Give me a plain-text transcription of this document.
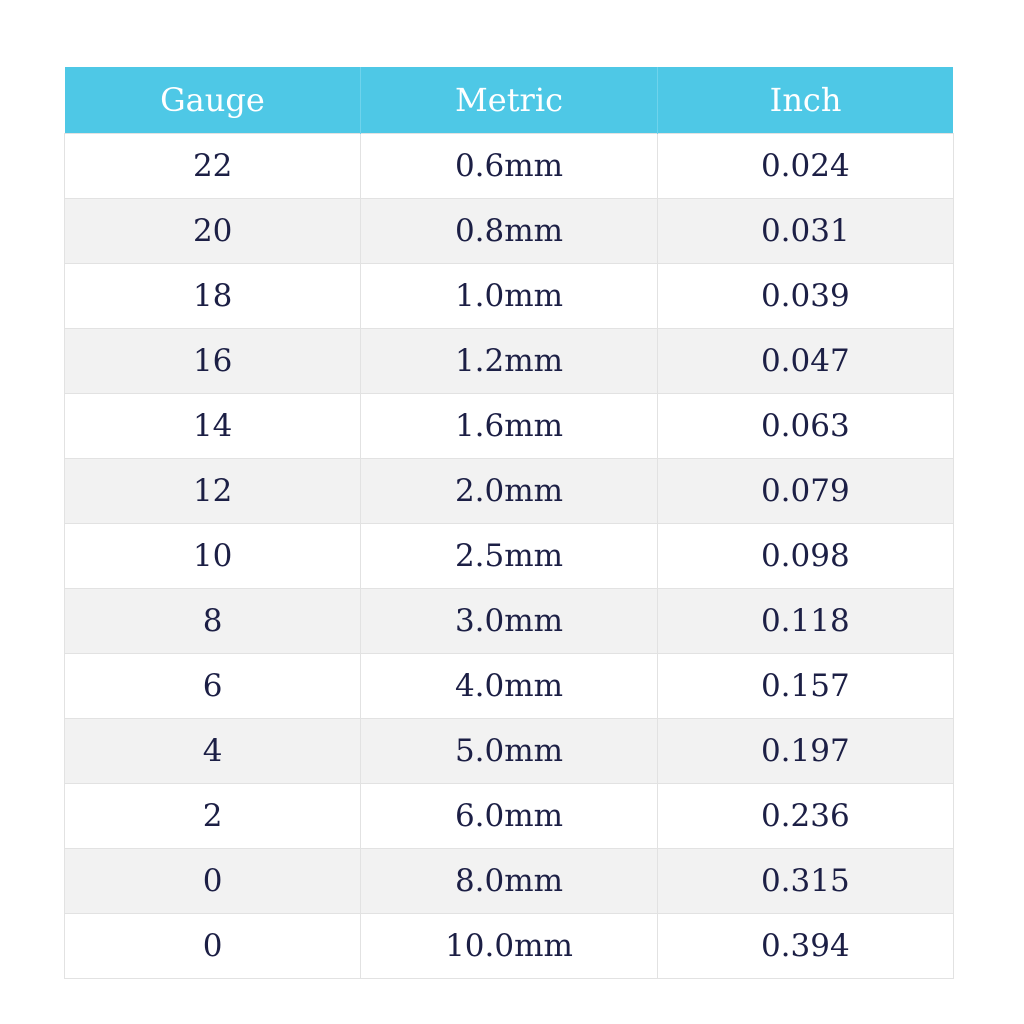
Gauge	Metric	Inch
22	0.6mm	0.024
20	0.8mm	0.031
18	1.0mm	0.039
16	1.2mm	0.047
14	1.6mm	0.063
12	2.0mm	0.079
10	2.5mm	0.098
8	3.0mm	0.118
6	4.0mm	0.157
4	5.0mm	0.197
2	6.0mm	0.236
0	8.0mm	0.315
0	10.0mm	0.394
